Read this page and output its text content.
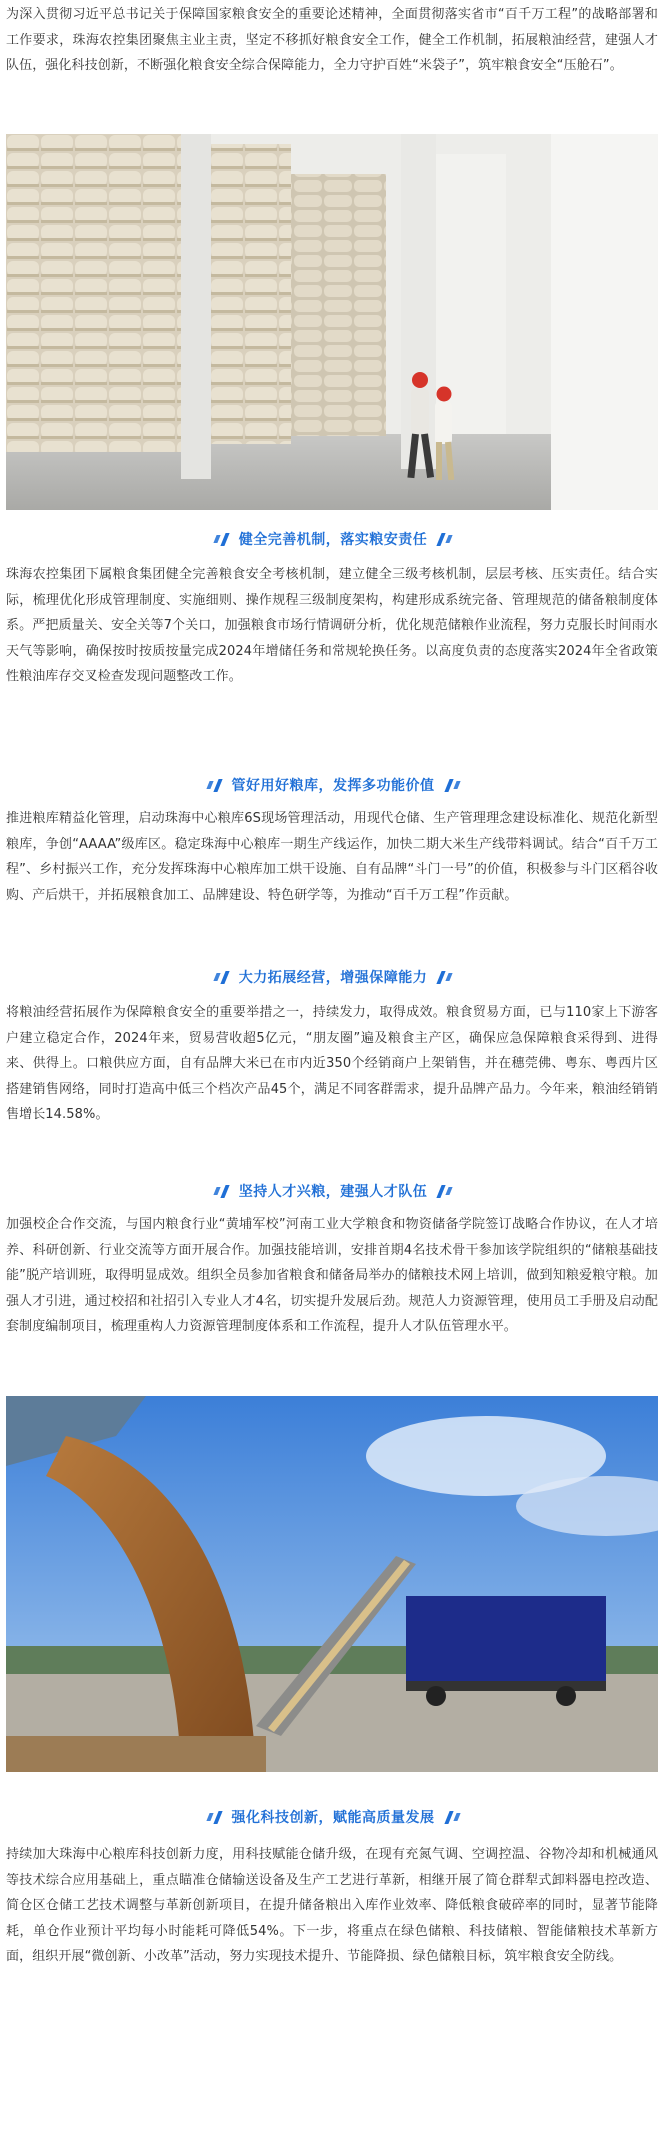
为深入贯彻习近平总书记关于保障国家粮食安全的重要论述精神，全面贯彻落实省市“百千万工程”的战略部署和工作要求，珠海农控集团聚焦主业主责，坚定不移抓好粮食安全工作，健全工作机制，拓展粮油经营，建强人才队伍，强化科技创新，不断强化粮食安全综合保障能力，全力守护百姓“米袋子”，筑牢粮食安全“压舱石”。

健全完善机制，落实粮安责任

珠海农控集团下属粮食集团健全完善粮食安全考核机制，建立健全三级考核机制，层层考核、压实责任。结合实际，梳理优化形成管理制度、实施细则、操作规程三级制度架构，构建形成系统完备、管理规范的储备粮制度体系。严把质量关、安全关等7个关口，加强粮食市场行情调研分析，优化规范储粮作业流程，努力克服长时间雨水天气等影响，确保按时按质按量完成2024年增储任务和常规轮换任务。以高度负责的态度落实2024年全省政策性粮油库存交叉检查发现问题整改工作。

管好用好粮库，发挥多功能价值

推进粮库精益化管理，启动珠海中心粮库6S现场管理活动，用现代仓储、生产管理理念建设标准化、规范化新型粮库，争创“AAAA”级库区。稳定珠海中心粮库一期生产线运作，加快二期大米生产线带料调试。结合“百千万工程”、乡村振兴工作，充分发挥珠海中心粮库加工烘干设施、自有品牌“斗门一号”的价值，积极参与斗门区稻谷收购、产后烘干，并拓展粮食加工、品牌建设、特色研学等，为推动“百千万工程”作贡献。

大力拓展经营，增强保障能力

将粮油经营拓展作为保障粮食安全的重要举措之一，持续发力，取得成效。粮食贸易方面，已与110家上下游客户建立稳定合作，2024年来，贸易营收超5亿元，“朋友圈”遍及粮食主产区，确保应急保障粮食采得到、进得来、供得上。口粮供应方面，自有品牌大米已在市内近350个经销商户上架销售，并在穗莞佛、粤东、粤西片区搭建销售网络，同时打造高中低三个档次产品45个，满足不同客群需求，提升品牌产品力。今年来，粮油经销销售增长14.58%。

坚持人才兴粮，建强人才队伍

加强校企合作交流，与国内粮食行业“黄埔军校”河南工业大学粮食和物资储备学院签订战略合作协议，在人才培养、科研创新、行业交流等方面开展合作。加强技能培训，安排首期4名技术骨干参加该学院组织的“储粮基础技能”脱产培训班，取得明显成效。组织全员参加省粮食和储备局举办的储粮技术网上培训，做到知粮爱粮守粮。加强人才引进，通过校招和社招引入专业人才4名，切实提升发展后劲。规范人力资源管理，使用员工手册及启动配套制度编制项目，梳理重构人力资源管理制度体系和工作流程，提升人才队伍管理水平。

强化科技创新，赋能高质量发展

持续加大珠海中心粮库科技创新力度，用科技赋能仓储升级，在现有充氮气调、空调控温、谷物冷却和机械通风等技术综合应用基础上，重点瞄准仓储输送设备及生产工艺进行革新，相继开展了简仓群犁式卸料器电控改造、简仓区仓储工艺技术调整与革新创新项目，在提升储备粮出入库作业效率、降低粮食破碎率的同时，显著节能降耗，单仓作业预计平均每小时能耗可降低54%。下一步，将重点在绿色储粮、科技储粮、智能储粮技术革新方面，组织开展“微创新、小改革”活动，努力实现技术提升、节能降损、绿色储粮目标，筑牢粮食安全防线。
